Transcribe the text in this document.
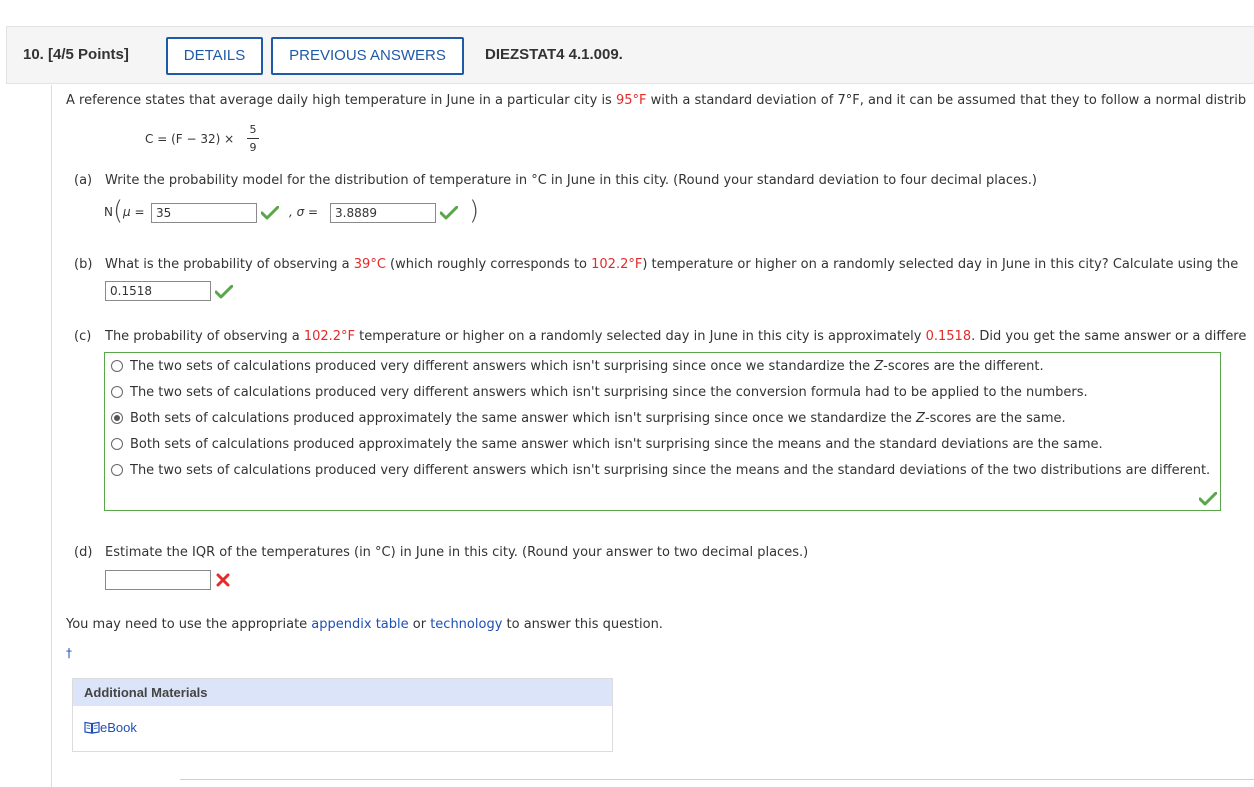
10. [4/5 Points]	DETAILS	PREVIOUS ANSWERS	DIEZSTAT4 4.1.009.
A reference states that average daily high temperature in June in a particular city is 95°F with a standard deviation of 7°F, and it can be assumed that they to follow a normal distrib
C = (F − 32) ×
5
9
(a) Write the probability model for the distribution of temperature in °C in June in this city. (Round your standard deviation to four decimal places.)
N ( μ = 35	, σ =	3.8889	)
(b) What is the probability of observing a 39°C (which roughly corresponds to 102.2°F) temperature or higher on a randomly selected day in June in this city? Calculate using the
0.1518
(c) The probability of observing a 102.2°F temperature or higher on a randomly selected day in June in this city is approximately 0.1518. Did you get the same answer or a differe
The two sets of calculations produced very different answers which isn't surprising since once we standardize the Z-scores are the different.
The two sets of calculations produced very different answers which isn't surprising since the conversion formula had to be applied to the numbers.
Both sets of calculations produced approximately the same answer which isn't surprising since once we standardize the Z-scores are the same.
Both sets of calculations produced approximately the same answer which isn't surprising since the means and the standard deviations are the same.
The two sets of calculations produced very different answers which isn't surprising since the means and the standard deviations of the two distributions are different.
(d) Estimate the IQR of the temperatures (in °C) in June in this city. (Round your answer to two decimal places.)
You may need to use the appropriate appendix table or technology to answer this question.
†
Additional Materials
eBook
